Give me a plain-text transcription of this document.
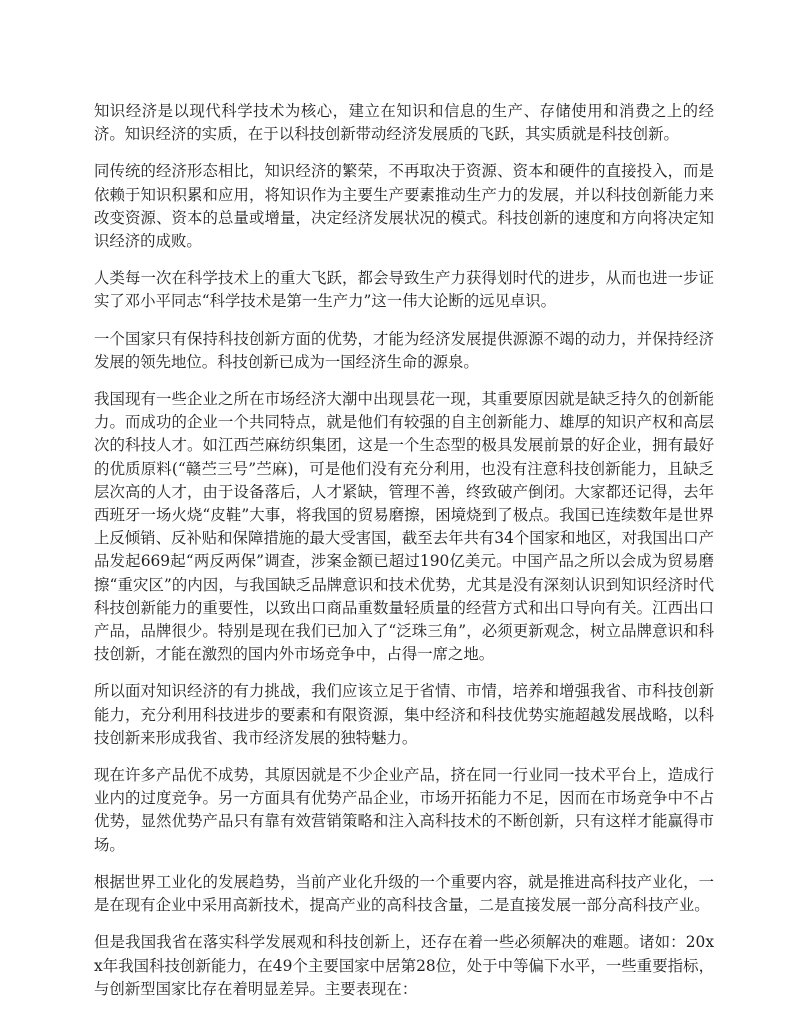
知识经济是以现代科学技术为核心，建立在知识和信息的生产、存储使用和消费之上的经济。知识经济的实质，在于以科技创新带动经济发展质的飞跃，其实质就是科技创新。

同传统的经济形态相比，知识经济的繁荣，不再取决于资源、资本和硬件的直接投入，而是依赖于知识积累和应用，将知识作为主要生产要素推动生产力的发展，并以科技创新能力来改变资源、资本的总量或增量，决定经济发展状况的模式。科技创新的速度和方向将决定知识经济的成败。

人类每一次在科学技术上的重大飞跃，都会导致生产力获得划时代的进步，从而也进一步证实了邓小平同志“科学技术是第一生产力”这一伟大论断的远见卓识。

一个国家只有保持科技创新方面的优势，才能为经济发展提供源源不竭的动力，并保持经济发展的领先地位。科技创新已成为一国经济生命的源泉。

我国现有一些企业之所在市场经济大潮中出现昙花一现，其重要原因就是缺乏持久的创新能力。而成功的企业一个共同特点，就是他们有较强的自主创新能力、雄厚的知识产权和高层次的科技人才。如江西苎麻纺织集团，这是一个生态型的极具发展前景的好企业，拥有最好的优质原料(“赣苎三号”苎麻)，可是他们没有充分利用，也没有注意科技创新能力，且缺乏层次高的人才，由于设备落后，人才紧缺，管理不善，终致破产倒闭。大家都还记得，去年西班牙一场火烧“皮鞋”大事，将我国的贸易磨擦，困境烧到了极点。我国已连续数年是世界上反倾销、反补贴和保障措施的最大受害国，截至去年共有34个国家和地区，对我国出口产品发起669起“两反两保”调查，涉案金额已超过190亿美元。中国产品之所以会成为贸易磨擦“重灾区”的内因，与我国缺乏品牌意识和技术优势，尤其是没有深刻认识到知识经济时代科技创新能力的重要性，以致出口商品重数量轻质量的经营方式和出口导向有关。江西出口产品，品牌很少。特别是现在我们已加入了“泛珠三角”，必须更新观念，树立品牌意识和科技创新，才能在激烈的国内外市场竞争中，占得一席之地。

所以面对知识经济的有力挑战，我们应该立足于省情、市情，培养和增强我省、市科技创新能力，充分利用科技进步的要素和有限资源，集中经济和科技优势实施超越发展战略，以科技创新来形成我省、我市经济发展的独特魅力。

现在许多产品优不成势，其原因就是不少企业产品，挤在同一行业同一技术平台上，造成行业内的过度竞争。另一方面具有优势产品企业，市场开拓能力不足，因而在市场竞争中不占优势，显然优势产品只有靠有效营销策略和注入高科技术的不断创新，只有这样才能赢得市场。

根据世界工业化的发展趋势，当前产业化升级的一个重要内容，就是推进高科技产业化，一是在现有企业中采用高新技术，提高产业的高科技含量，二是直接发展一部分高科技产业。

但是我国我省在落实科学发展观和科技创新上，还存在着一些必须解决的难题。诸如：20xx年我国科技创新能力，在49个主要国家中居第28位，处于中等偏下水平，一些重要指标，与创新型国家比存在着明显差异。主要表现在：
